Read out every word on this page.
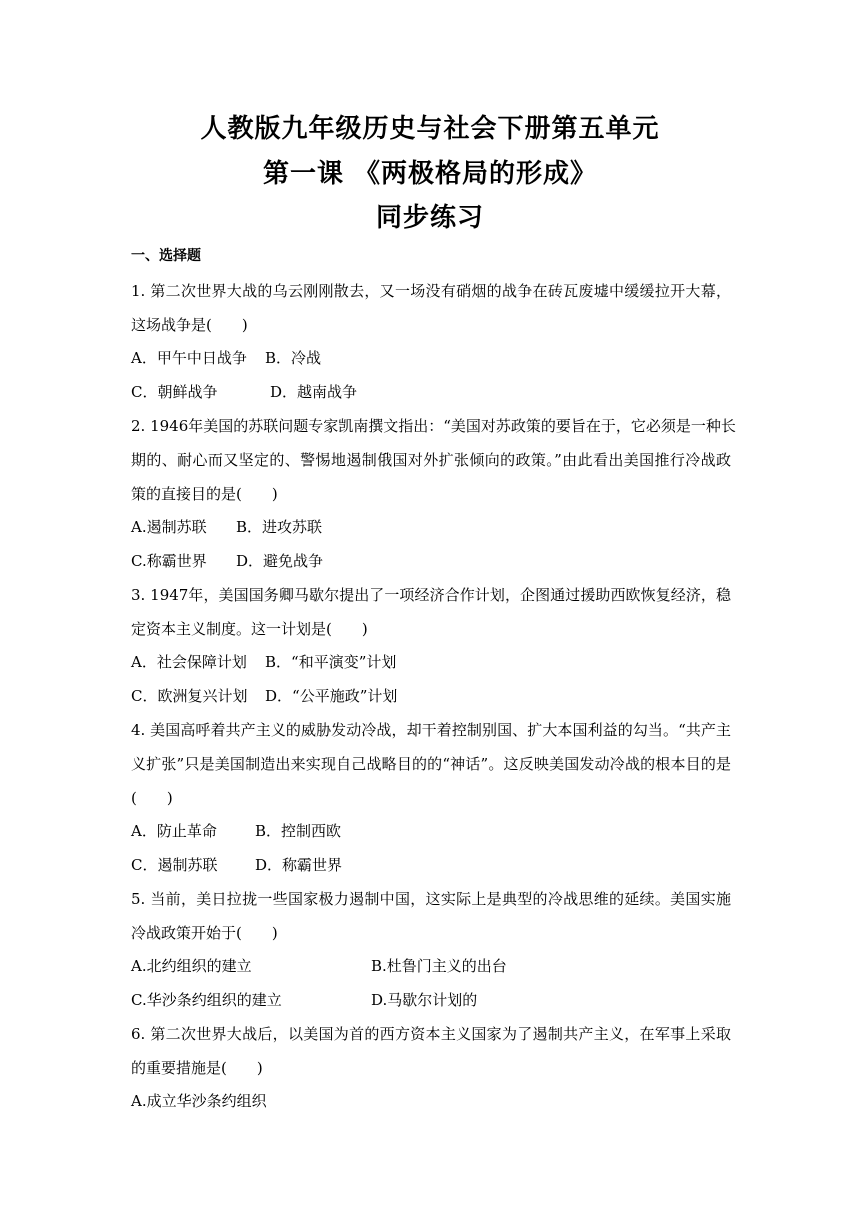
人教版九年级历史与社会下册第五单元
第一课 《两极格局的形成》
同步练习
一、选择题
1. 第二次世界大战的乌云刚刚散去，又一场没有硝烟的战争在砖瓦废墟中缓缓拉开大幕，
这场战争是(　　)
A．甲午中日战争 B．冷战
C．朝鲜战争	D．越南战争
2. 1946年美国的苏联问题专家凯南撰文指出：“美国对苏政策的要旨在于，它必须是一种长
期的、耐心而又坚定的、警惕地遏制俄国对外扩张倾向的政策。”由此看出美国推行冷战政
策的直接目的是(　　)
A.遏制苏联 B．进攻苏联
C.称霸世界 D．避免战争
3. 1947年，美国国务卿马歇尔提出了一项经济合作计划，企图通过援助西欧恢复经济，稳
定资本主义制度。这一计划是(　　)
A．社会保障计划 B．“和平演变”计划
C．欧洲复兴计划 D．“公平施政”计划
4. 美国高呼着共产主义的威胁发动冷战，却干着控制别国、扩大本国利益的勾当。“共产主
义扩张”只是美国制造出来实现自己战略目的的“神话”。这反映美国发动冷战的根本目的是
(　　)
A．防止革命	B．控制西欧
C．遏制苏联	D．称霸世界
5. 当前，美日拉拢一些国家极力遏制中国，这实际上是典型的冷战思维的延续。美国实施
冷战政策开始于(　　)
A.北约组织的建立	B.杜鲁门主义的出台
C.华沙条约组织的建立	D.马歇尔计划的
6. 第二次世界大战后，以美国为首的西方资本主义国家为了遏制共产主义，在军事上采取
的重要措施是(　　)
A.成立华沙条约组织
